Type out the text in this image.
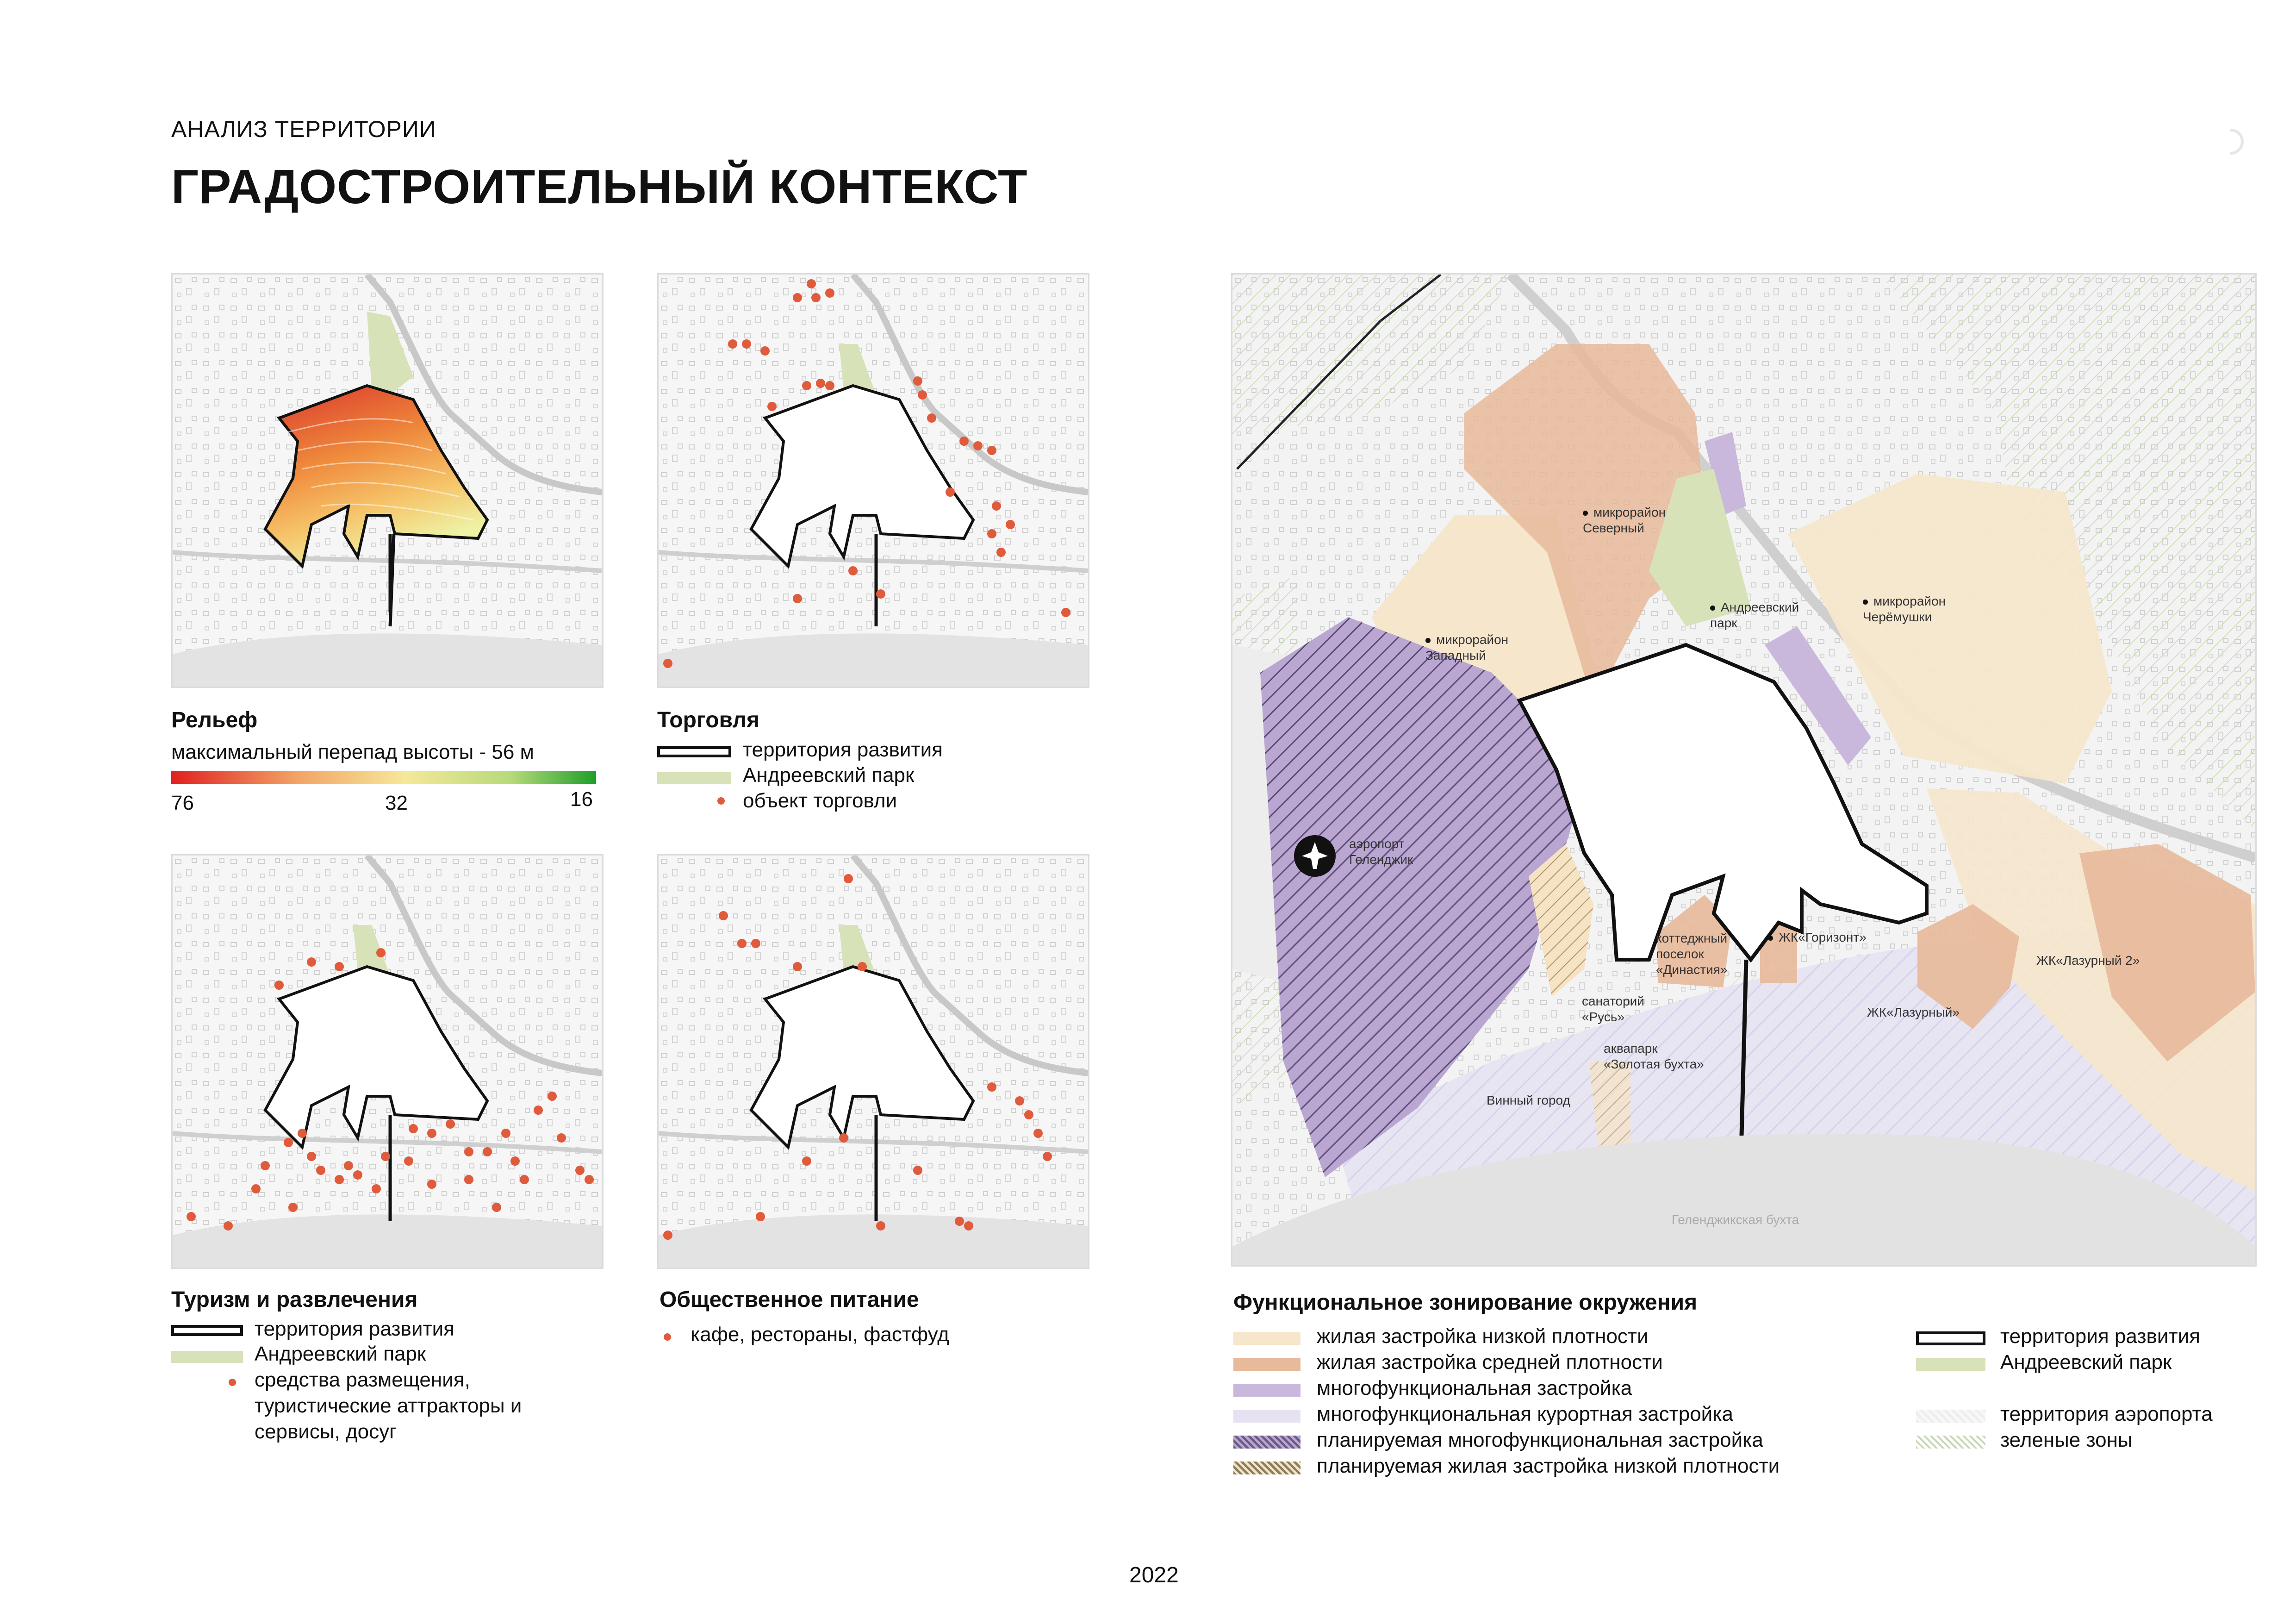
АНАЛИЗ ТЕРРИТОРИИ
ГРАДОСТРОИТЕЛЬНЫЙ КОНТЕКСТ
Рельеф
максимальный перепад высоты - 56 м
76	32	16
Торговля
территория развития
Андреевский парк
объект торговли
Туризм и развлечения
территория развития
Андреевский парк
средства размещения,
туристические аттракторы и
сервисы, досуг
Общественное питание
кафе, рестораны, фастфуд
микрорайон
Северный
микрорайон
Западный
Андреевский
парк
микрорайон
Черёмушки
аэропорт
Геленджик
коттеджный
поселок
«Династия»
ЖК«Горизонт»
ЖК«Лазурный 2»
санаторий
«Русь»
аквапарк
«Золотая бухта»
ЖК«Лазурный»
Винный город
Геленджикская бухта
Функциональное зонирование окружения
жилая застройка низкой плотности
жилая застройка средней плотности
многофункциональная застройка
многофункциональная курортная застройка
планируемая многофункциональная застройка
планируемая жилая застройка низкой плотности
территория развития
Андреевский парк
территория аэропорта
зеленые зоны
2022
